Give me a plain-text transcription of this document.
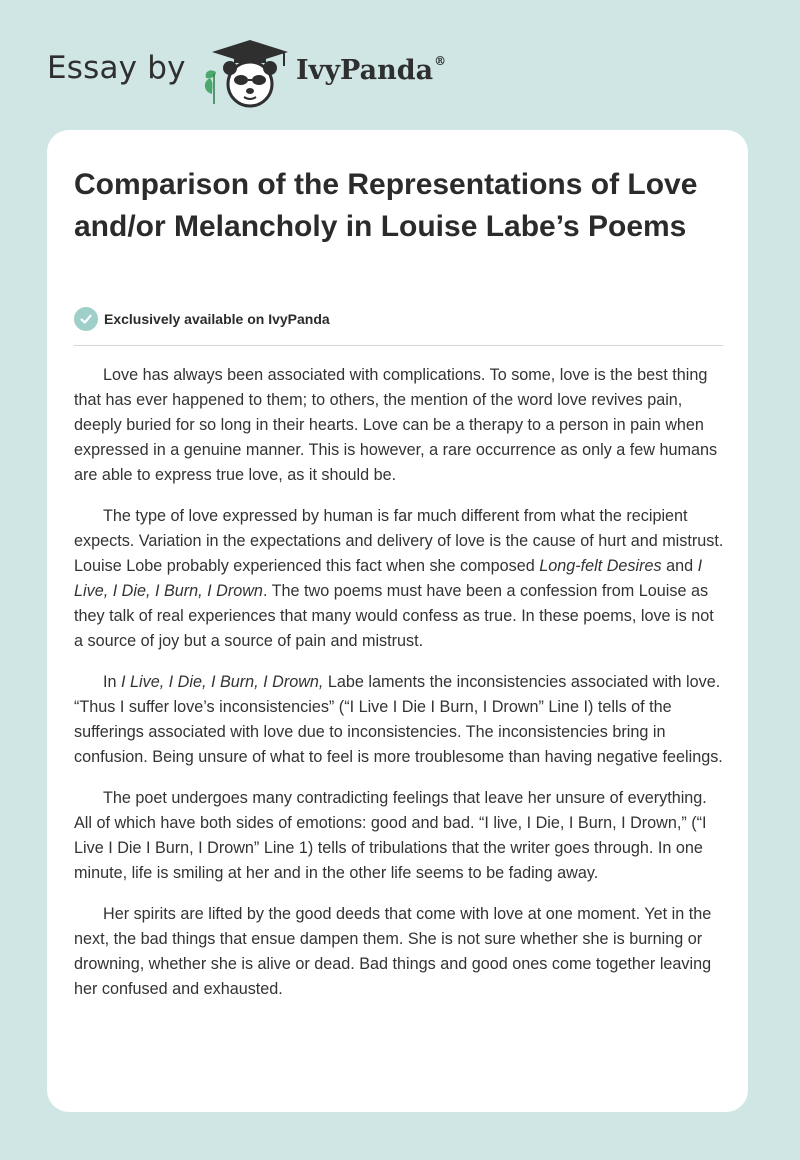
Essay by	IvyPanda®
Comparison of the Representations of Love and/or Melancholy in Louise Labe’s Poems
Exclusively available on IvyPanda

Love has always been associated with complications. To some, love is the best thing that has ever happened to them; to others, the mention of the word love revives pain, deeply buried for so long in their hearts. Love can be a therapy to a person in pain when expressed in a genuine manner. This is however, a rare occurrence as only a few humans are able to express true love, as it should be.

The type of love expressed by human is far much different from what the recipient expects. Variation in the expectations and delivery of love is the cause of hurt and mistrust. Louise Lobe probably experienced this fact when she composed Long-felt Desires and I Live, I Die, I Burn, I Drown. The two poems must have been a confession from Louise as they talk of real experiences that many would confess as true. In these poems, love is not a source of joy but a source of pain and mistrust.

In I Live, I Die, I Burn, I Drown, Labe laments the inconsistencies associated with love. “Thus I suffer love’s inconsistencies” (“I Live I Die I Burn, I Drown” Line I) tells of the sufferings associated with love due to inconsistencies. The inconsistencies bring in confusion. Being unsure of what to feel is more troublesome than having negative feelings.

The poet undergoes many contradicting feelings that leave her unsure of everything. All of which have both sides of emotions: good and bad. “I live, I Die, I Burn, I Drown,” (“I Live I Die I Burn, I Drown” Line 1) tells of tribulations that the writer goes through. In one minute, life is smiling at her and in the other life seems to be fading away.

Her spirits are lifted by the good deeds that come with love at one moment. Yet in the next, the bad things that ensue dampen them. She is not sure whether she is burning or drowning, whether she is alive or dead. Bad things and good ones come together leaving her confused and exhausted.
